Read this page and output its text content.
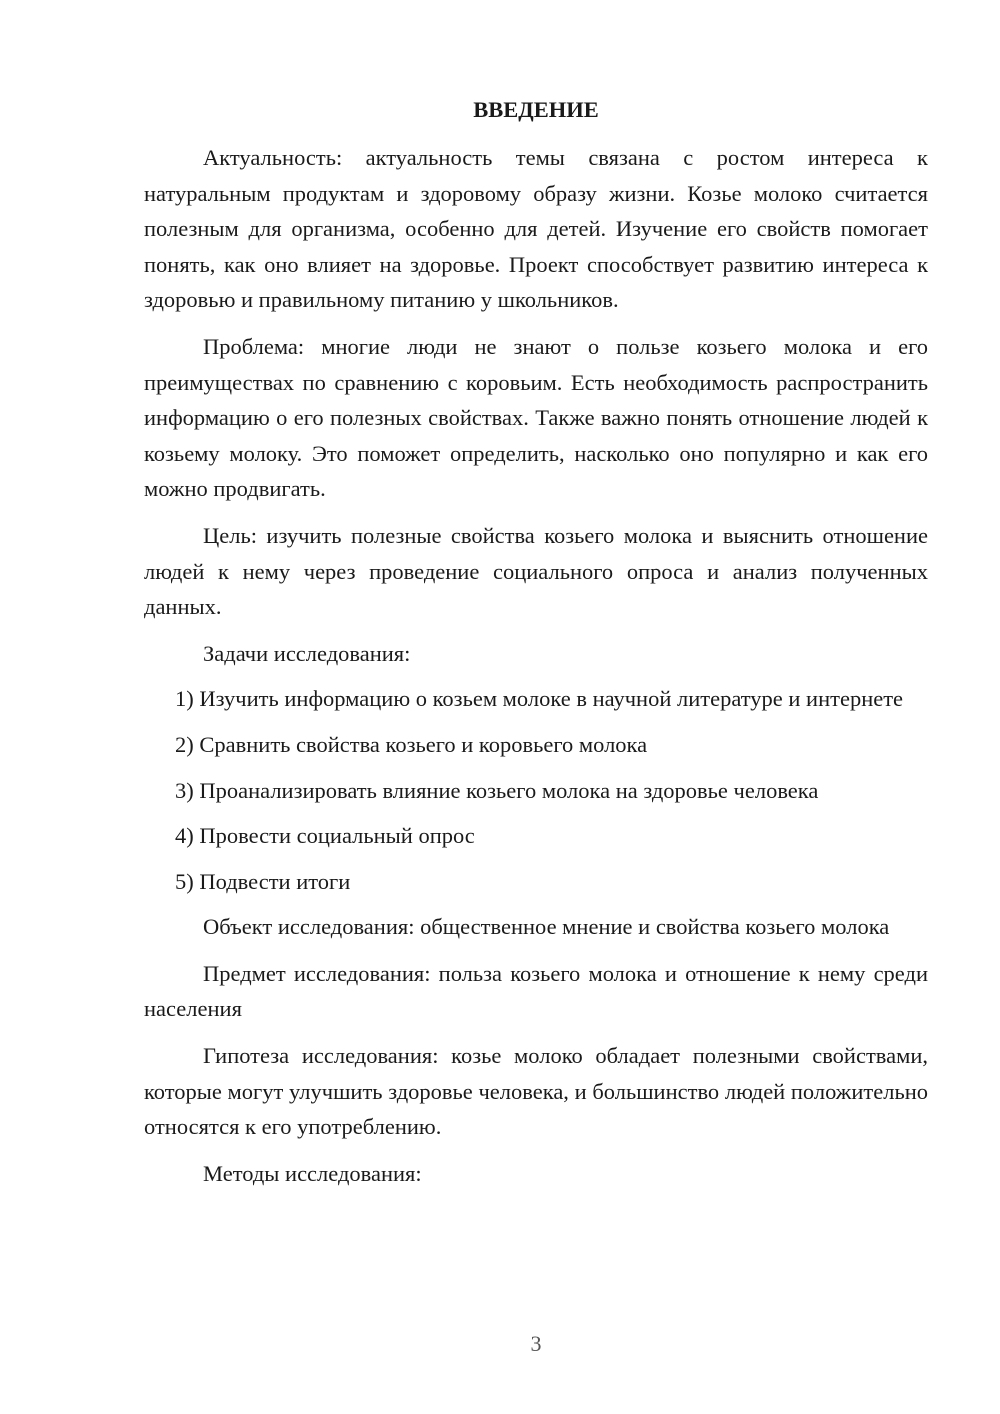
ВВЕДЕНИЕ
Актуальность: актуальность темы связана с ростом интереса к натуральным продуктам и здоровому образу жизни. Козье молоко считается полезным для организма, особенно для детей. Изучение его свойств помогает понять, как оно влияет на здоровье. Проект способствует развитию интереса к здоровью и правильному питанию у школьников.
Проблема: многие люди не знают о пользе козьего молока и его преимуществах по сравнению с коровьим. Есть необходимость распространить информацию о его полезных свойствах. Также важно понять отношение людей к козьему молоку. Это поможет определить, насколько оно популярно и как его можно продвигать.
Цель: изучить полезные свойства козьего молока и выяснить отношение людей к нему через проведение социального опроса и анализ полученных данных.
Задачи исследования:
1) Изучить информацию о козьем молоке в научной литературе и интернете
2) Сравнить свойства козьего и коровьего молока
3) Проанализировать влияние козьего молока на здоровье человека
4) Провести социальный опрос
5) Подвести итоги
Объект исследования: общественное мнение и свойства козьего молока
Предмет исследования: польза козьего молока и отношение к нему среди населения
Гипотеза исследования: козье молоко обладает полезными свойствами, которые могут улучшить здоровье человека, и большинство людей положительно относятся к его употреблению.
Методы исследования:
3
